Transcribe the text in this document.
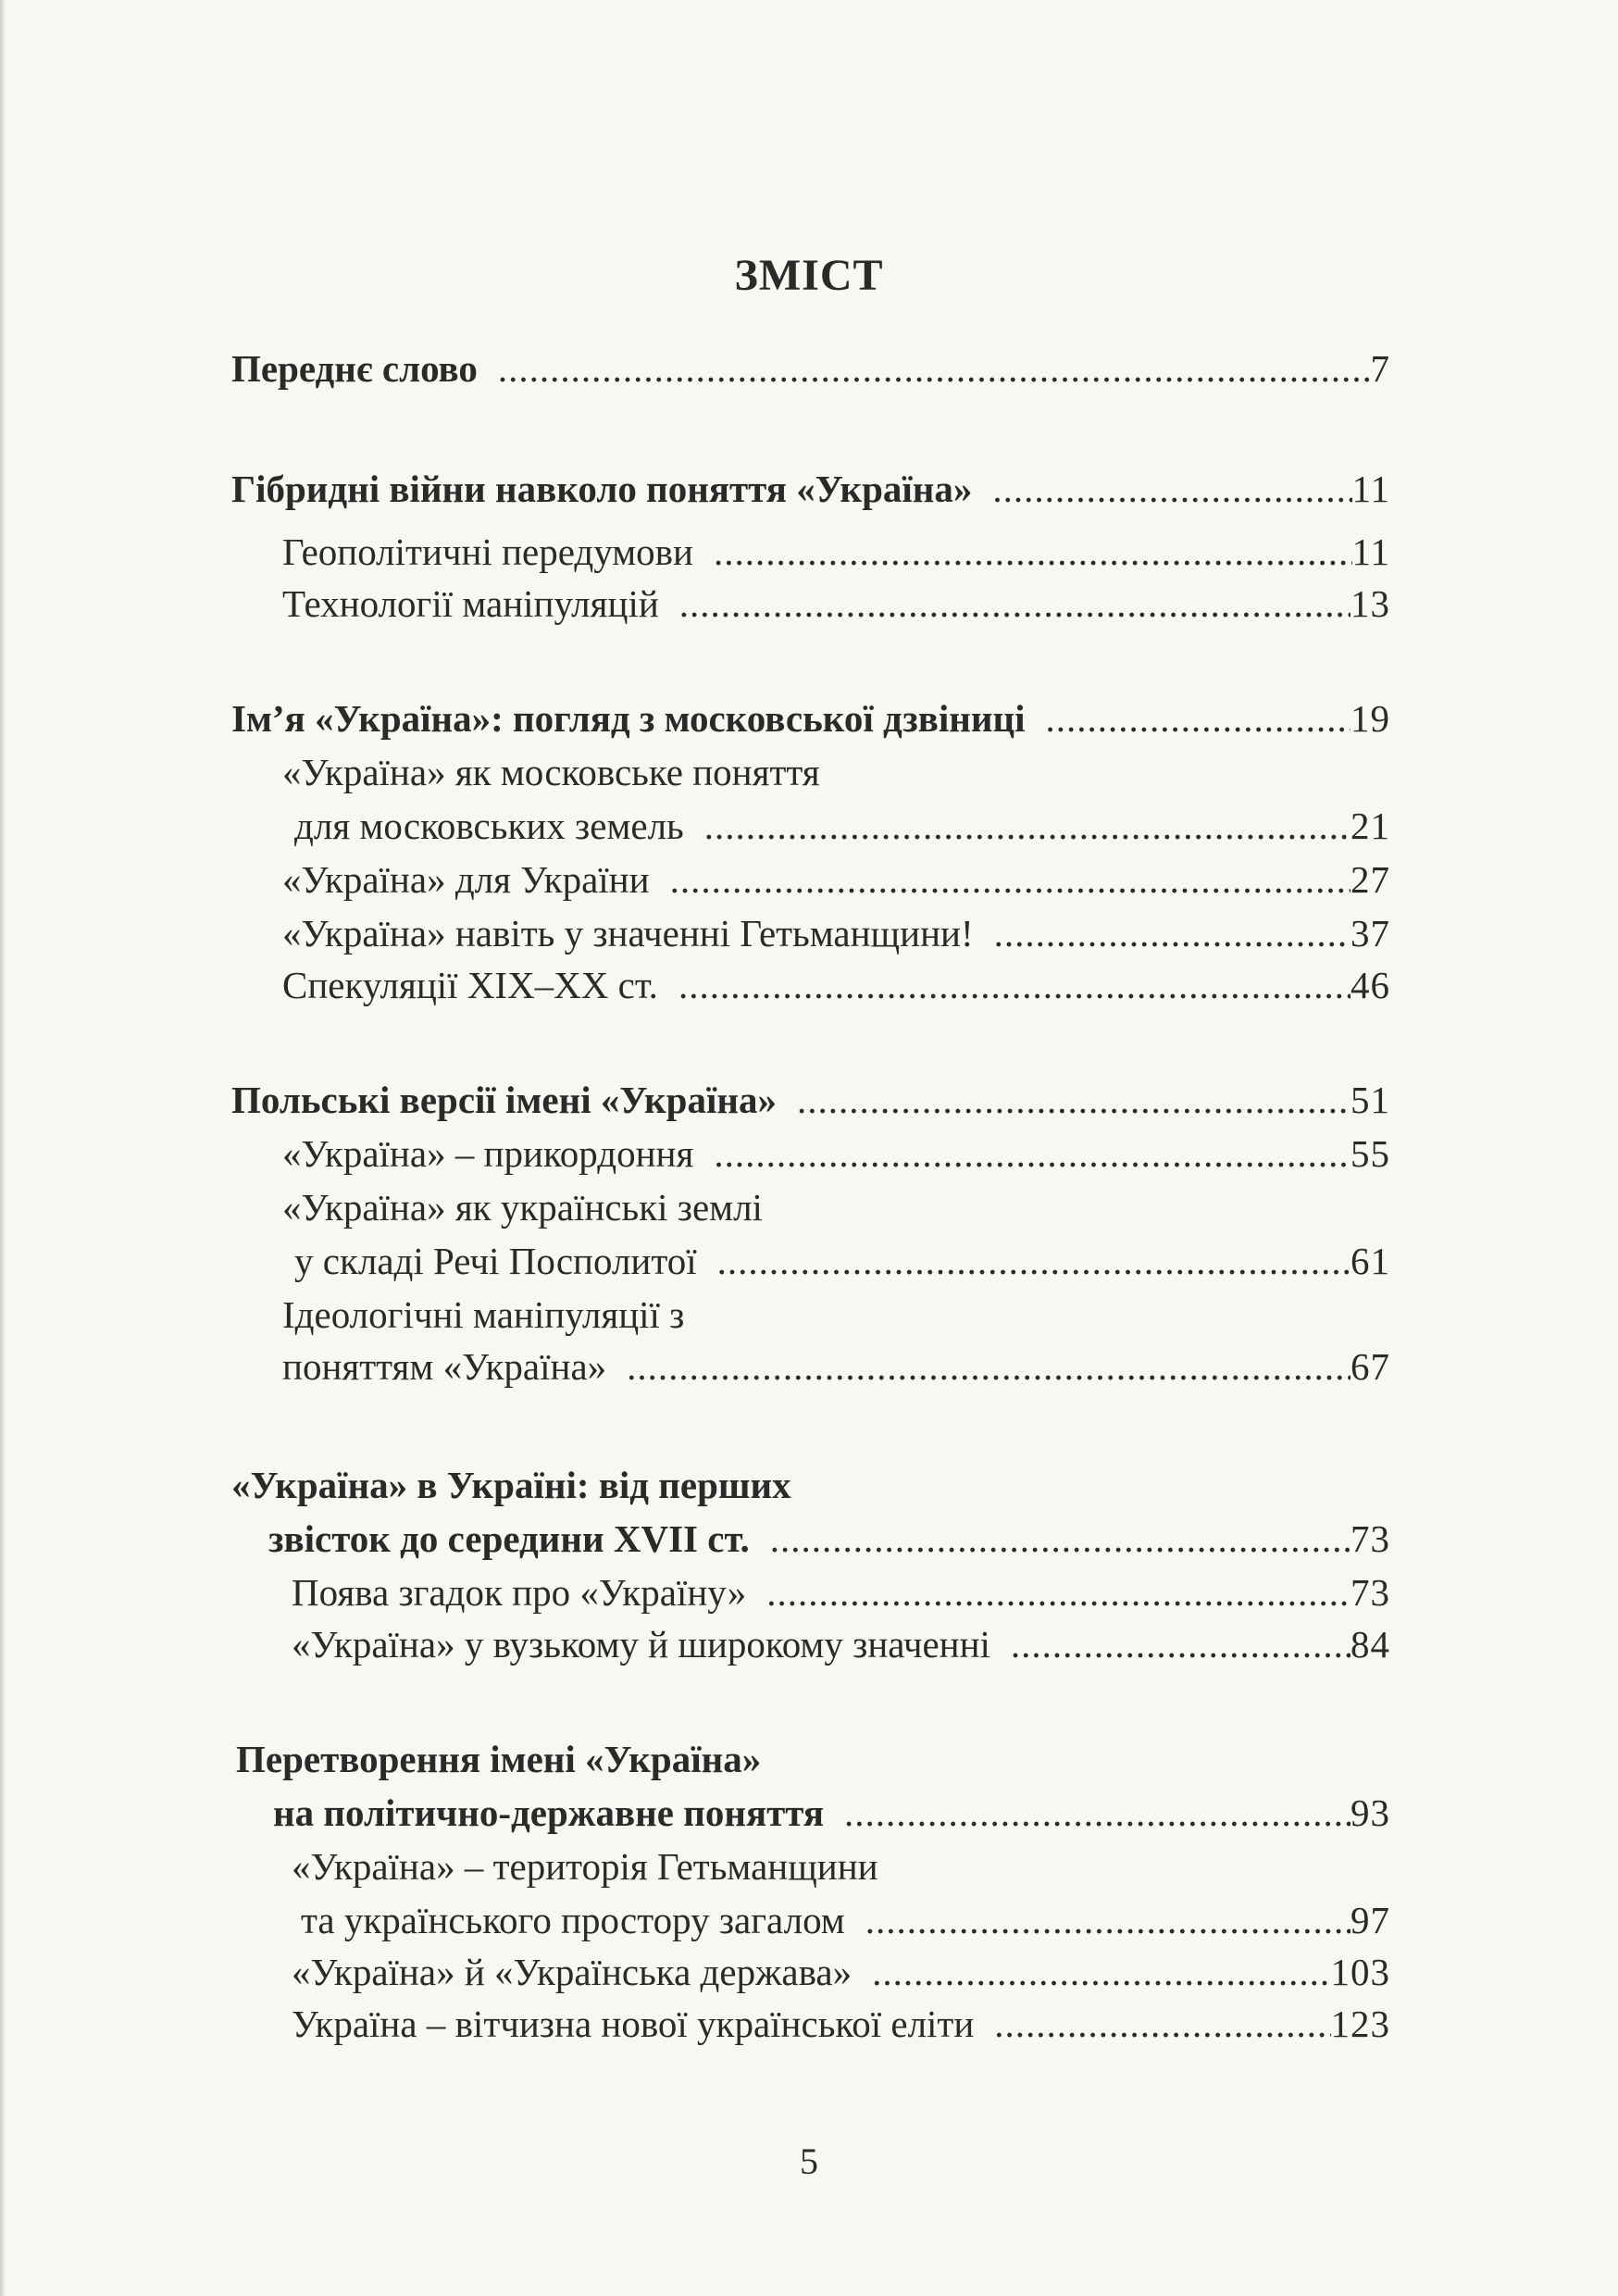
ЗМІСТ
Переднє слово .....	7
Гібридні війни навколо поняття «Україна» .....	11
Геополітичні передумови .....	11
Технології маніпуляцій .....	13
Ім’я «Україна»: погляд з московської дзвіниці .....	19
«Україна» як московське поняття
для московських земель .....	21
«Україна» для України .....	27
«Україна» навіть у значенні Гетьманщини! .....	37
Спекуляції XIX–XX ст. .....	46
Польські версії імені «Україна» .....	51
«Україна» – прикордоння .....	55
«Україна» як українські землі
у складі Речі Посполитої .....	61
Ідеологічні маніпуляції з
поняттям «Україна» .....	67
«Україна» в Україні: від перших
звісток до середини XVII ст. .....	73
Поява згадок про «Україну» .....	73
«Україна» у вузькому й широкому значенні .....	84
Перетворення імені «Україна»
на політично-державне поняття .....	93
«Україна» – територія Гетьманщини
та українського простору загалом .....	97
«Україна» й «Українська держава» .....	103
Україна – вітчизна нової української еліти .....	123
5
